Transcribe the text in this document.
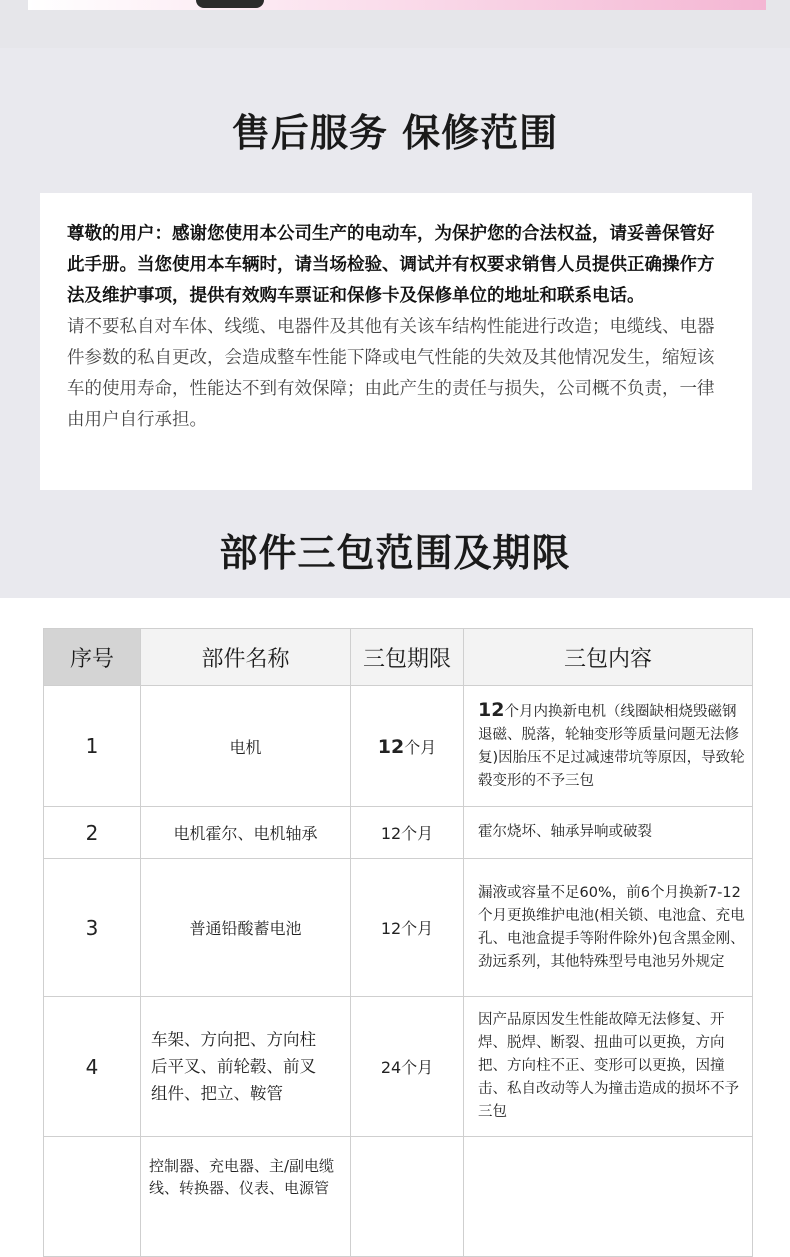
售后服务 保修范围

尊敬的用户：感谢您使用本公司生产的电动车，为保护您的合法权益，请妥善保管好此手册。当您使用本车辆时，请当场检验、调试并有权要求销售人员提供正确操作方法及维护事项，提供有效购车票证和保修卡及保修单位的地址和联系电话。

请不要私自对车体、线缆、电器件及其他有关该车结构性能进行改造；电缆线、电器件参数的私自更改，会造成整车性能下降或电气性能的失效及其他情况发生，缩短该车的使用寿命，性能达不到有效保障；由此产生的责任与损失，公司概不负责，一律由用户自行承担。

部件三包范围及期限
序号	部件名称	三包期限	三包内容
1	电机	12个月	12个月内换新电机（线圈缺相烧毁磁钢退磁、脱落，轮轴变形等质量问题无法修复)因胎压不足过减速带坑等原因，导致轮毂变形的不予三包
2	电机霍尔、电机轴承	12个月	霍尔烧坏、轴承异响或破裂
3	普通铅酸蓄电池	12个月	漏液或容量不足60%，前6个月换新7-12个月更换维护电池(相关锁、电池盒、充电孔、电池盒提手等附件除外)包含黑金刚、劲远系列，其他特殊型号电池另外规定
4	车架、方向把、方向柱
后平叉、前轮毂、前叉
组件、把立、鞍管	24个月	因产品原因发生性能故障无法修复、开焊、脱焊、断裂、扭曲可以更换，方向把、方向柱不正、变形可以更换，因撞击、私自改动等人为撞击造成的损坏不予三包

	控制器、充电器、主/副电缆
线、转换器、仪表、电源管		
